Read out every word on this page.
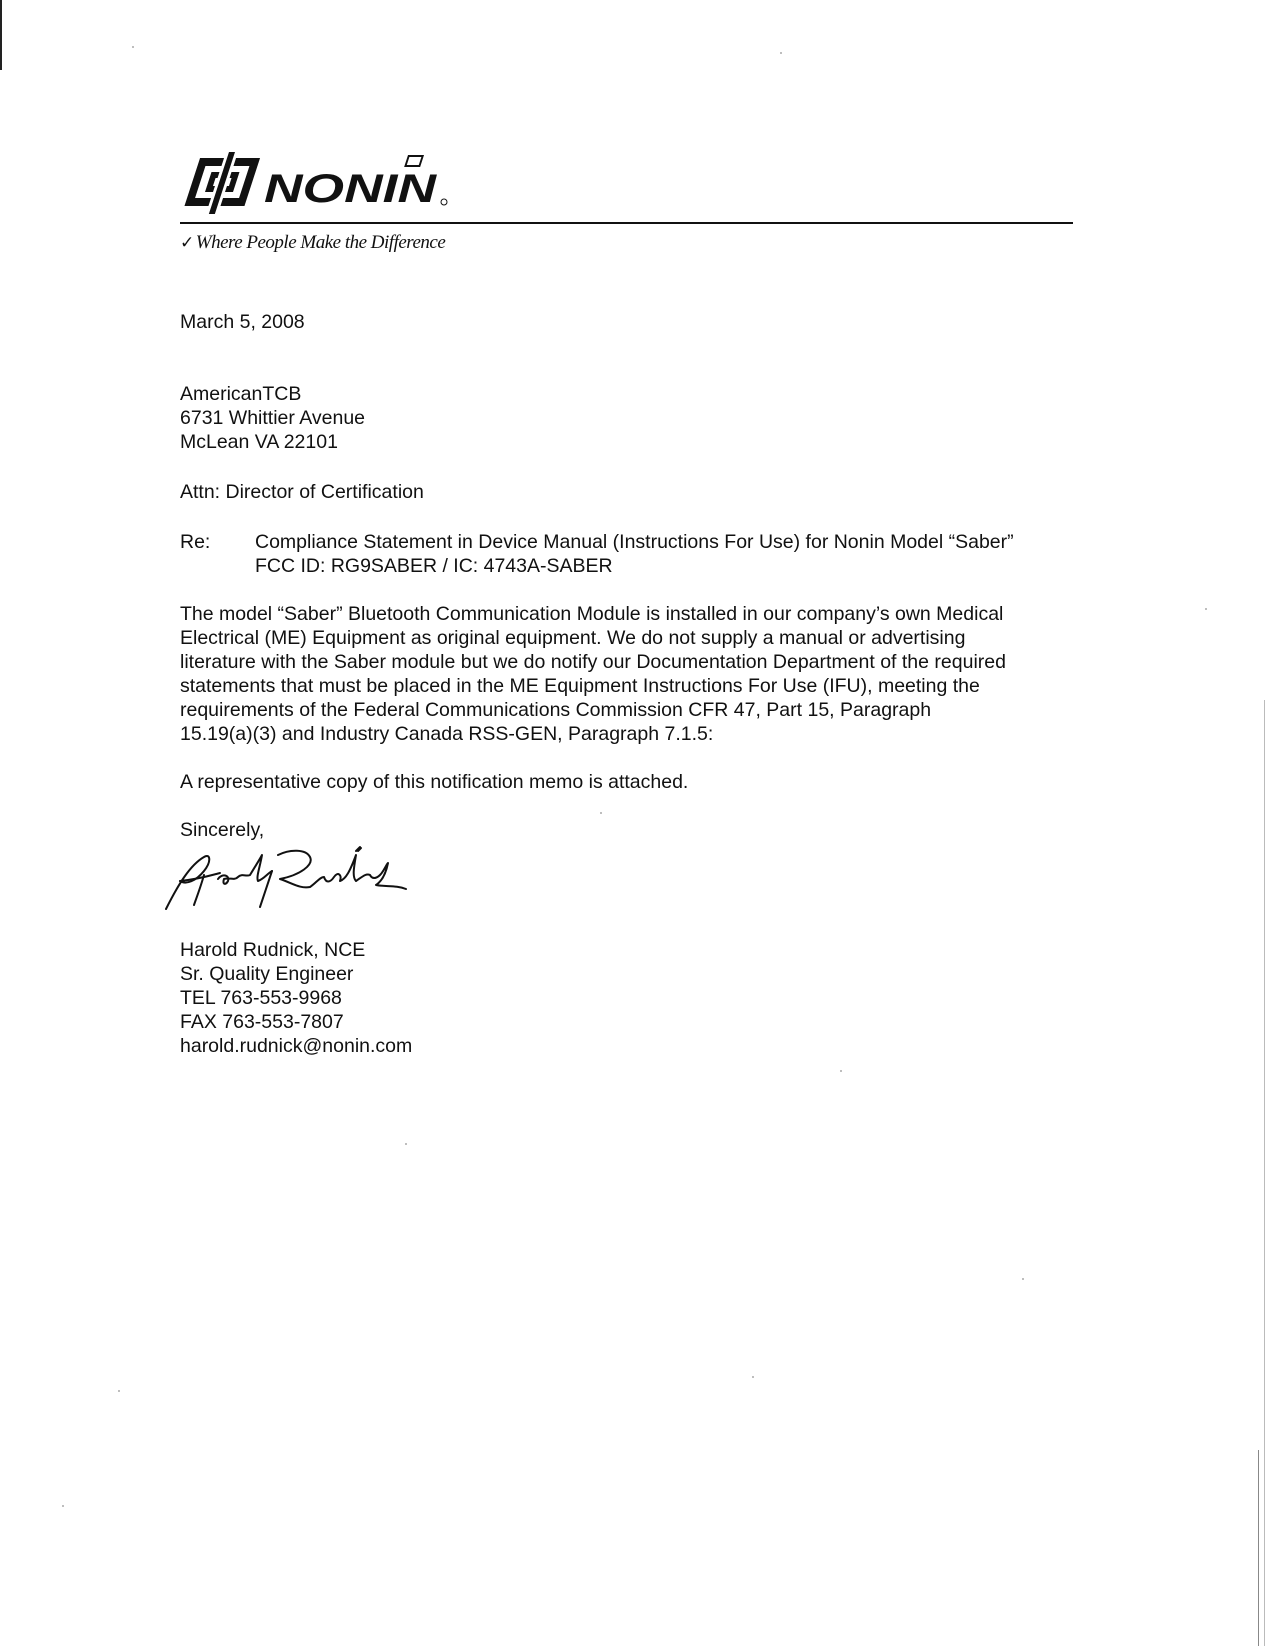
NONIN
✓ Where People Make the Difference
March 5, 2008
AmericanTCB
6731 Whittier Avenue
McLean VA 22101
Attn: Director of Certification
Re: Compliance Statement in Device Manual (Instructions For Use) for Nonin Model “Saber”
FCC ID: RG9SABER / IC: 4743A-SABER
The model “Saber” Bluetooth Communication Module is installed in our company’s own Medical
Electrical (ME) Equipment as original equipment. We do not supply a manual or advertising
literature with the Saber module but we do notify our Documentation Department of the required
statements that must be placed in the ME Equipment Instructions For Use (IFU), meeting the
requirements of the Federal Communications Commission CFR 47, Part 15, Paragraph
15.19(a)(3) and Industry Canada RSS-GEN, Paragraph 7.1.5:
A representative copy of this notification memo is attached.
Sincerely,
Harold Rudnick, NCE
Sr. Quality Engineer
TEL 763-553-9968
FAX 763-553-7807
harold.rudnick@nonin.com
